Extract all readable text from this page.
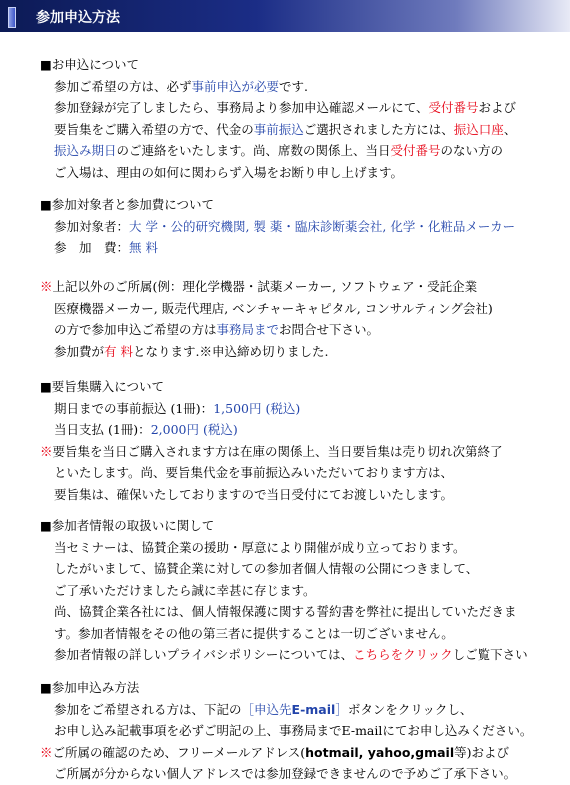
参加申込方法
■お申込について
参加ご希望の方は、必ず事前申込が必要です.
参加登録が完了しましたら、事務局より参加申込確認メールにて、受付番号および
要旨集をご購入希望の方で、代金の事前振込ご選択されました方には、振込口座、
振込み期日のご連絡をいたします。尚、席数の関係上、当日受付番号のない方の
ご入場は、理由の如何に関わらず入場をお断り申し上げます。
■参加対象者と参加費について
参加対象者：大 学・公的研究機関, 製 薬・臨床診断薬会社, 化学・化粧品メーカー
参　加　費：無 料
※上記以外のご所属(例：理化学機器・試薬メーカー, ソフトウェア・受託企業
医療機器メーカー, 販売代理店, ベンチャーキャピタル, コンサルティング会社)
の方で参加申込ご希望の方は事務局までお問合せ下さい。
参加費が有 料となります.※申込締め切りました.
■要旨集購入について
期日までの事前振込 (1冊)：1,500円 (税込)
当日支払 (1冊)：2,000円 (税込)
※要旨集を当日ご購入されます方は在庫の関係上、当日要旨集は売り切れ次第終了
といたします。尚、要旨集代金を事前振込みいただいております方は、
要旨集は、確保いたしておりますので当日受付にてお渡しいたします。
■参加者情報の取扱いに関して
当セミナーは、協賛企業の援助・厚意により開催が成り立っております。
したがいまして、協賛企業に対しての参加者個人情報の公開につきまして、
ご了承いただけましたら誠に幸甚に存じます。
尚、協賛企業各社には、個人情報保護に関する誓約書を弊社に提出していただきま
す。参加者情報をその他の第三者に提供することは一切ございません。
参加者情報の詳しいプライバシポリシーについては、こちらをクリックしご覧下さい
■参加申込み方法
参加をご希望される方は、下記の［申込先E-mail］ボタンをクリックし、
お申し込み記載事項を必ずご明記の上、事務局までE-mailにてお申し込みください。
※ご所属の確認のため、フリーメールアドレス(hotmail, yahoo,gmail等)および
ご所属が分からない個人アドレスでは参加登録できませんので予めご了承下さい。
